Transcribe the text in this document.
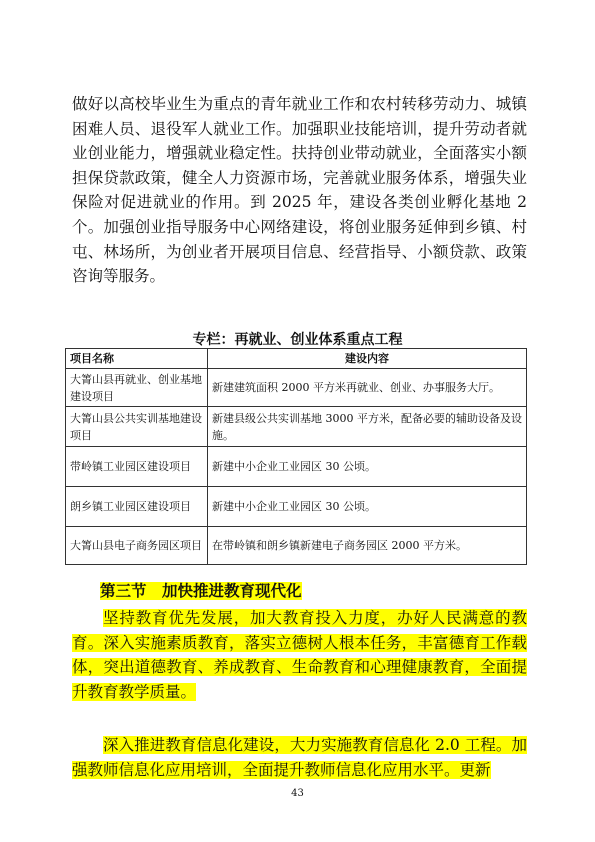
做好以高校毕业生为重点的青年就业工作和农村转移劳动力、城镇困难人员、退役军人就业工作。加强职业技能培训，提升劳动者就业创业能力，增强就业稳定性。扶持创业带动就业，全面落实小额担保贷款政策，健全人力资源市场，完善就业服务体系，增强失业保险对促进就业的作用。到 2025 年，建设各类创业孵化基地 2 个。加强创业指导服务中心网络建设，将创业服务延伸到乡镇、村屯、林场所，为创业者开展项目信息、经营指导、小额贷款、政策咨询等服务。

专栏：再就业、创业体系重点工程

项目名称	建设内容
大箐山县再就业、创业基地建设项目	新建建筑面积 2000 平方米再就业、创业、办事服务大厅。
大箐山县公共实训基地建设项目	新建县级公共实训基地 3000 平方米，配备必要的辅助设备及设施。
带岭镇工业园区建设项目	新建中小企业工业园区 30 公顷。
朗乡镇工业园区建设项目	新建中小企业工业园区 30 公顷。
大箐山县电子商务园区项目	在带岭镇和朗乡镇新建电子商务园区 2000 平方米。

第三节　加快推进教育现代化

坚持教育优先发展，加大教育投入力度，办好人民满意的教育。深入实施素质教育，落实立德树人根本任务，丰富德育工作载体，突出道德教育、养成教育、生命教育和心理健康教育，全面提升教育教学质量。

深入推进教育信息化建设，大力实施教育信息化 2.0 工程。加强教师信息化应用培训，全面提升教师信息化应用水平。更新

43
